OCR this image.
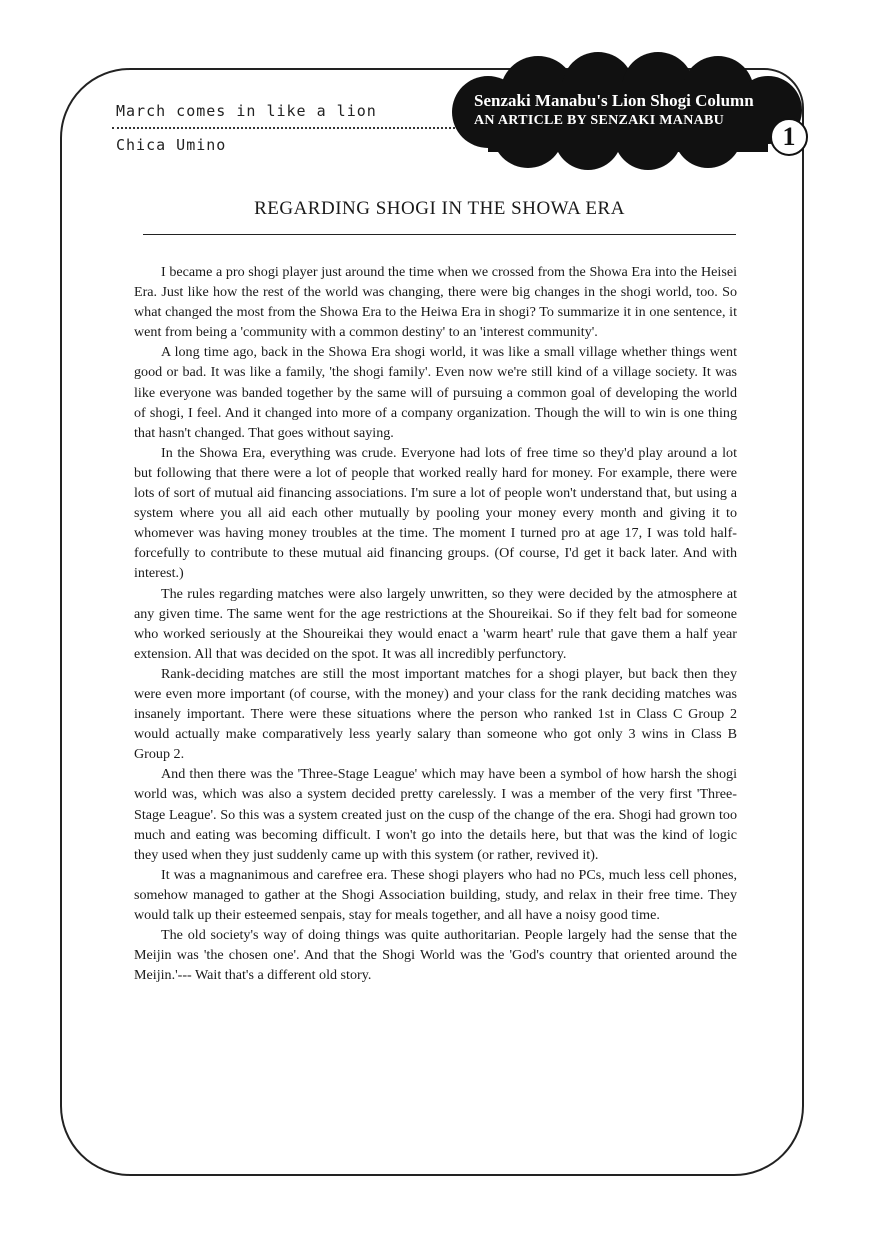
March comes in like a lion
Chica Umino
Senzaki Manabu's Lion Shogi Column
AN ARTICLE BY SENZAKI MANABU
1
REGARDING SHOGI IN THE SHOWA ERA

I became a pro shogi player just around the time when we crossed from the Showa Era into the Heisei Era. Just like how the rest of the world was changing, there were big changes in the shogi world, too. So what changed the most from the Showa Era to the Heiwa Era in shogi? To summarize it in one sentence, it went from being a 'community with a common destiny' to an 'interest community'.

A long time ago, back in the Showa Era shogi world, it was like a small village whether things went good or bad. It was like a family, 'the shogi family'. Even now we're still kind of a village society. It was like everyone was banded together by the same will of pursuing a common goal of developing the world of shogi, I feel. And it changed into more of a company organization. Though the will to win is one thing that hasn't changed. That goes without saying.

In the Showa Era, everything was crude. Everyone had lots of free time so they'd play around a lot but following that there were a lot of people that worked really hard for money. For example, there were lots of sort of mutual aid financing associations. I'm sure a lot of people won't understand that, but using a system where you all aid each other mutually by pooling your money every month and giving it to whomever was having money troubles at the time. The moment I turned pro at age 17, I was told half-forcefully to contribute to these mutual aid financing groups. (Of course, I'd get it back later. And with interest.)

The rules regarding matches were also largely unwritten, so they were decided by the atmosphere at any given time. The same went for the age restrictions at the Shoureikai. So if they felt bad for someone who worked seriously at the Shoureikai they would enact a 'warm heart' rule that gave them a half year extension. All that was decided on the spot. It was all incredibly perfunctory.

Rank-deciding matches are still the most important matches for a shogi player, but back then they were even more important (of course, with the money) and your class for the rank deciding matches was insanely important. There were these situations where the person who ranked 1st in Class C Group 2 would actually make comparatively less yearly salary than someone who got only 3 wins in Class B Group 2.

And then there was the 'Three-Stage League' which may have been a symbol of how harsh the shogi world was, which was also a system decided pretty carelessly. I was a member of the very first 'Three-Stage League'. So this was a system created just on the cusp of the change of the era. Shogi had grown too much and eating was becoming difficult. I won't go into the details here, but that was the kind of logic they used when they just suddenly came up with this system (or rather, revived it).

It was a magnanimous and carefree era. These shogi players who had no PCs, much less cell phones, somehow managed to gather at the Shogi Association building, study, and relax in their free time. They would talk up their esteemed senpais, stay for meals together, and all have a noisy good time.

The old society's way of doing things was quite authoritarian. People largely had the sense that the Meijin was 'the chosen one'. And that the Shogi World was the 'God's country that oriented around the Meijin.'--- Wait that's a different old story.
